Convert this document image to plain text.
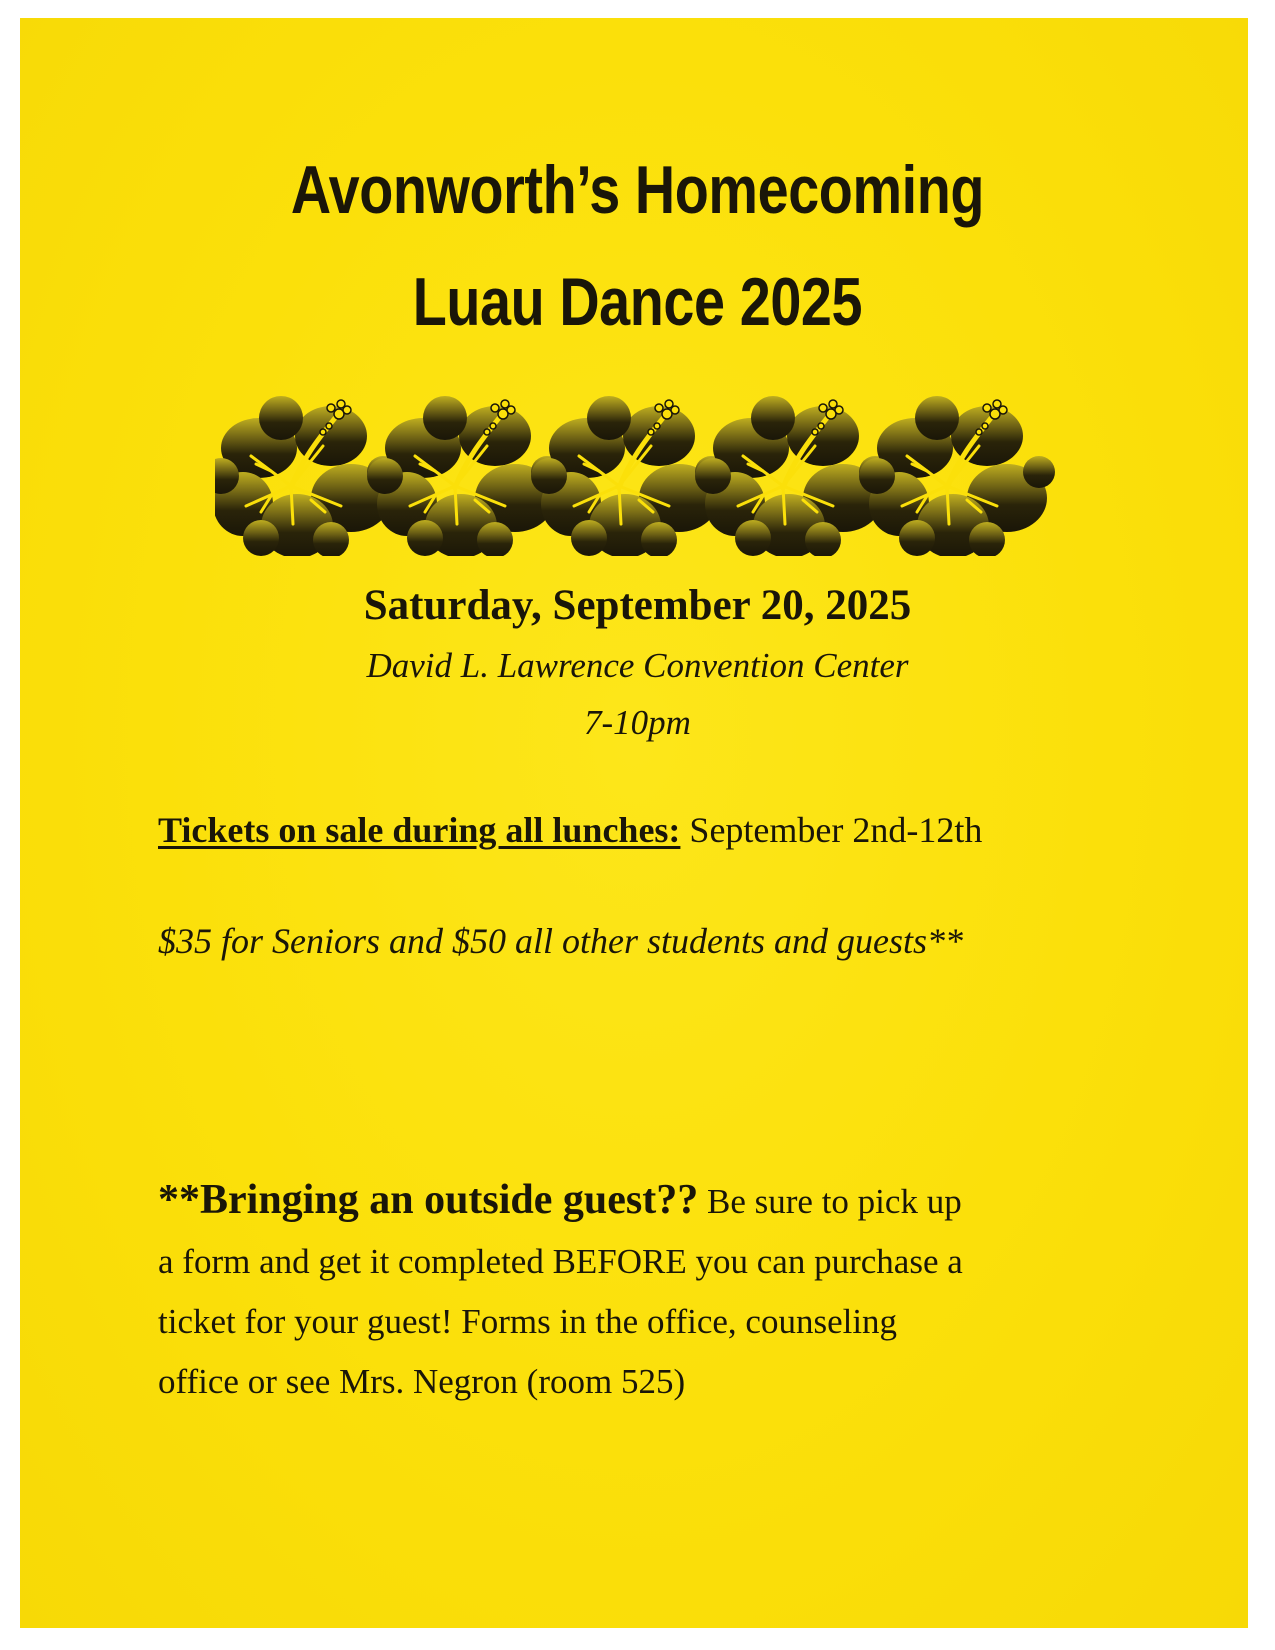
Avonworth’s Homecoming
Luau Dance 2025
Saturday, September 20, 2025
David L. Lawrence Convention Center
7-10pm
Tickets on sale during all lunches: September 2nd-12th
$35 for Seniors and $50 all other students and guests**
**Bringing an outside guest?? Be sure to pick up
a form and get it completed BEFORE you can purchase a
ticket for your guest! Forms in the office, counseling
office or see Mrs. Negron (room 525)
